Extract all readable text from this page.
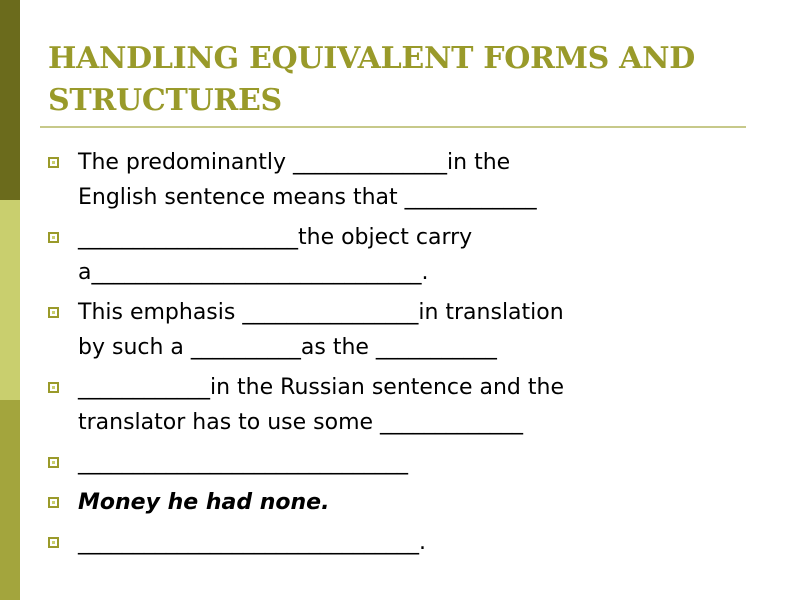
HANDLING EQUIVALENT FORMS AND STRUCTURES
The predominantly ______________in the
English sentence means that ____________
____________________the object carry
a______________________________.
This emphasis ________________in translation
by such a __________as the ___________
____________in the Russian sentence and the
translator has to use some _____________
______________________________
Money he had none.
_______________________________.
